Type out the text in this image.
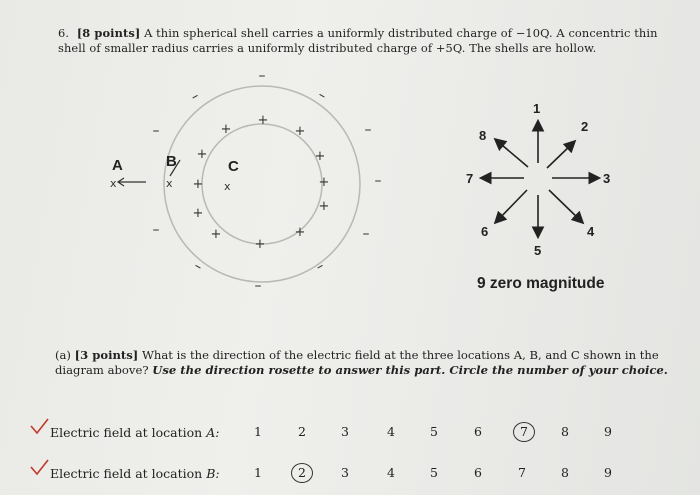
6. [8 points] A thin spherical shell carries a uniformly distributed charge of −10Q. A concentric thin shell of smaller radius carries a uniformly distributed charge of +5Q. The shells are hollow.
–
–	–
–	–
–
–	–
–	–
–
+
+	+
+	+
+	+
+	+
+	+
+
A	B	C
x	x	x
1
2
3
4
5
6
7
8
9 zero magnitude
(a) [3 points] What is the direction of the electric field at the three locations A, B, and C shown in the diagram above? Use the direction rosette to answer this part. Circle the number of your choice.
Electric field at location A:	1	2	3	4	5	6	7	8	9
Electric field at location B:	1	2	3	4	5	6	7	8	9
